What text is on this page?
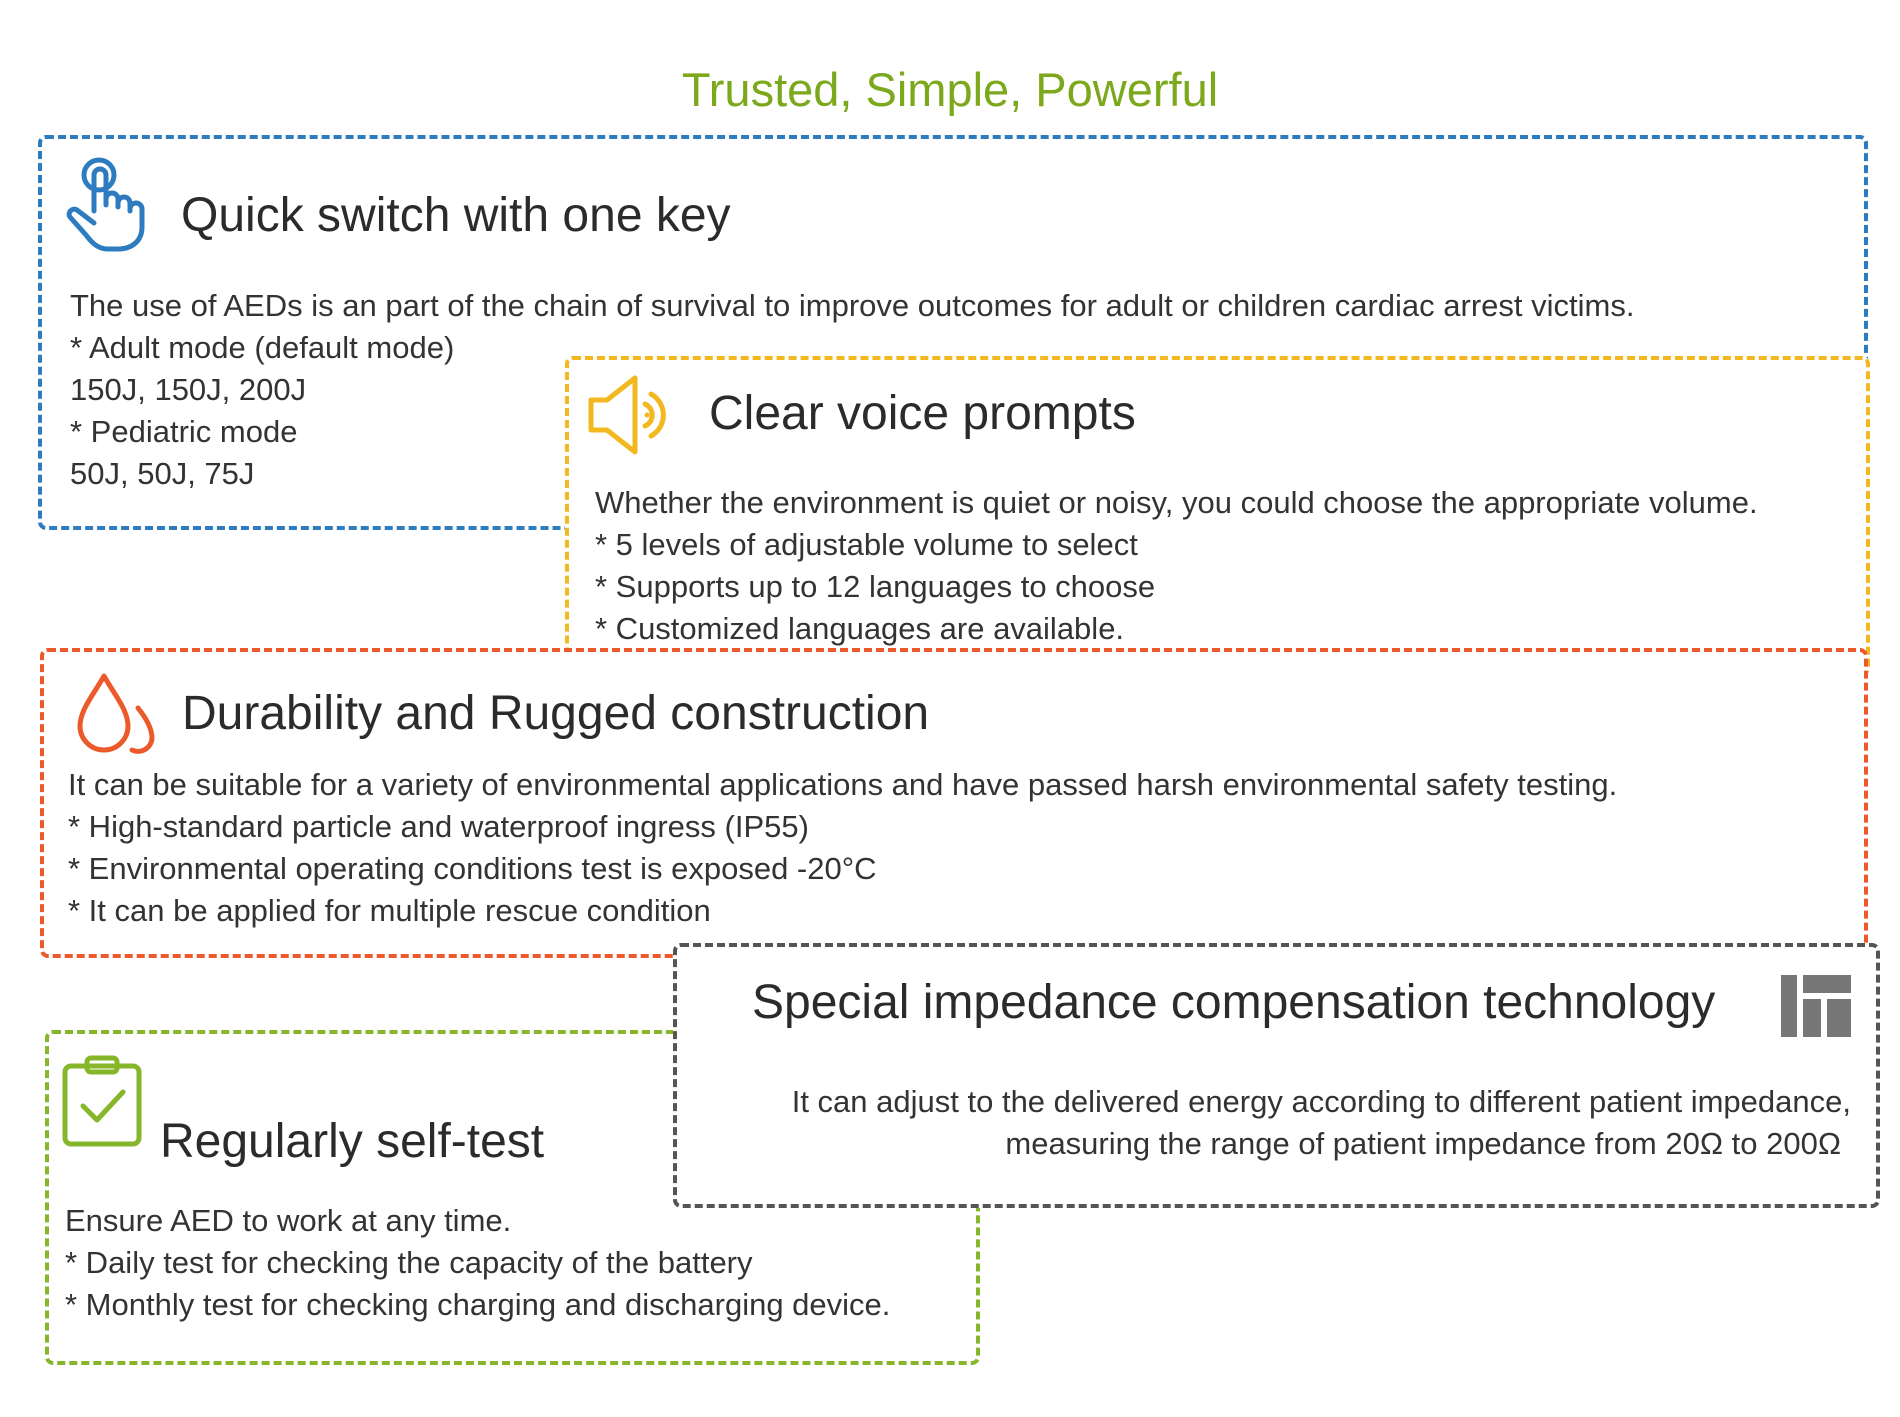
Trusted, Simple, Powerful
Quick switch with one key
The use of AEDs is an part of the chain of survival to improve outcomes for adult or children cardiac arrest victims.
* Adult mode (default mode)
150J, 150J, 200J
* Pediatric mode
50J, 50J, 75J
Clear voice prompts
Whether the environment is quiet or noisy, you could choose the appropriate volume.
* 5 levels of adjustable volume to select
* Supports up to 12 languages to choose
* Customized languages are available.
Durability and Rugged construction
It can be suitable for a variety of environmental applications and have passed harsh environmental safety testing.
* High-standard particle and waterproof ingress (IP55)
* Environmental operating conditions test is exposed -20°C
* It can be applied for multiple rescue condition
Regularly self-test
Ensure AED to work at any time.
* Daily test for checking the capacity of the battery
* Monthly test for checking charging and discharging device.
Special impedance compensation technology
It can adjust to the delivered energy according to different patient impedance,
measuring the range of patient impedance from 20Ω to 200Ω
